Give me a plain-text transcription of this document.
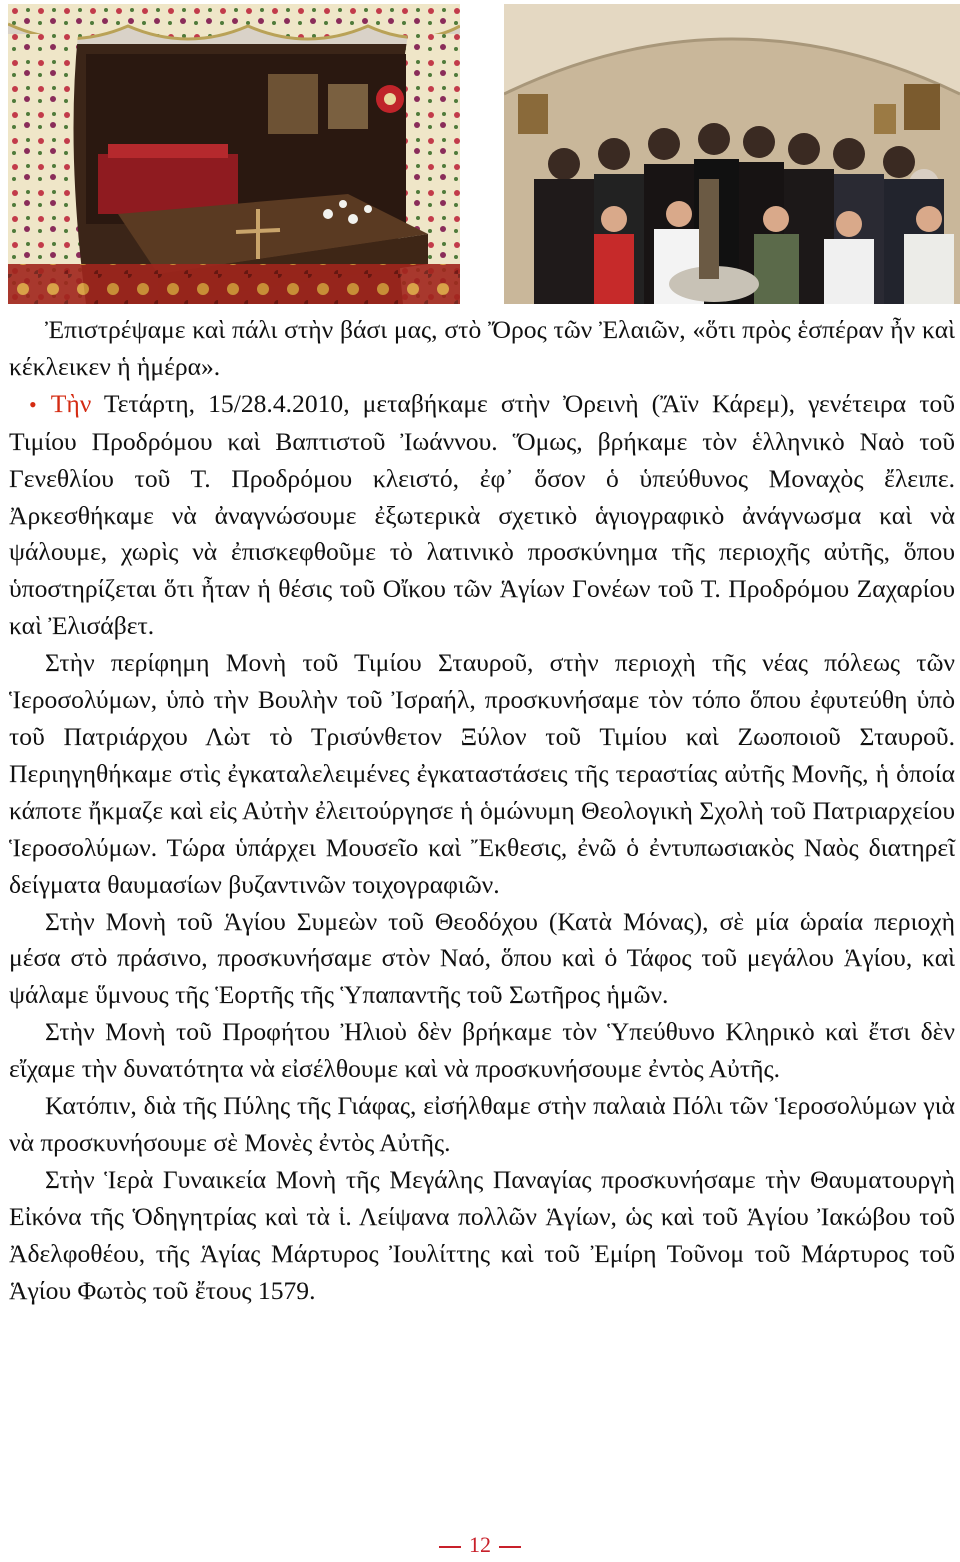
Ἐπιστρέψαμε καὶ πάλι στὴν βάσι μας, στὸ Ὄρος τῶν Ἐλαιῶν, «ὅτι πρὸς ἑσπέραν ἦν καὶ κέκλεικεν ἡ ἡμέρα».

• Τὴν Τετάρτη, 15/28.4.2010, μεταβήκαμε στὴν Ὀρεινὴ (Ἄϊν Κάρεμ), γενέτειρα τοῦ Τιμίου Προδρόμου καὶ Βαπτιστοῦ Ἰωάννου. Ὅμως, βρήκαμε τὸν ἑλληνικὸ Ναὸ τοῦ Γενεθλίου τοῦ Τ. Προδρόμου κλειστό, ἐφ᾽ ὅσον ὁ ὑπεύθυνος Μοναχὸς ἔλειπε. Ἀρκεσθήκαμε νὰ ἀναγνώσουμε ἐξωτερικὰ σχετικὸ ἁγιογραφικὸ ἀνάγνωσμα καὶ νὰ ψάλουμε, χωρὶς νὰ ἐπισκεφθοῦμε τὸ λατινικὸ προσκύνημα τῆς περιοχῆς αὐτῆς, ὅπου ὑποστηρίζεται ὅτι ἦταν ἡ θέσις τοῦ Οἴκου τῶν Ἁγίων Γονέων τοῦ Τ. Προδρόμου Ζαχαρίου καὶ Ἐλισάβετ.

Στὴν περίφημη Μονὴ τοῦ Τιμίου Σταυροῦ, στὴν περιοχὴ τῆς νέας πόλεως τῶν Ἱεροσολύμων, ὑπὸ τὴν Βουλὴν τοῦ Ἰσραήλ, προσκυνήσαμε τὸν τόπο ὅπου ἐφυτεύθη ὑπὸ τοῦ Πατριάρχου Λὼτ τὸ Τρισύνθετον Ξύλον τοῦ Τιμίου καὶ Ζωοποιοῦ Σταυροῦ. Περιηγηθήκαμε στὶς ἐγκαταλελειμένες ἐγκαταστάσεις τῆς τεραστίας αὐτῆς Μονῆς, ἡ ὁποία κάποτε ἤκμαζε καὶ εἰς Αὐτὴν ἐλειτούργησε ἡ ὁμώνυμη Θεολογικὴ Σχολὴ τοῦ Πατριαρχείου Ἱεροσολύμων. Τώρα ὑπάρχει Μουσεῖο καὶ Ἔκθεσις, ἐνῶ ὁ ἐντυπωσιακὸς Ναὸς διατηρεῖ δείγματα θαυμασίων βυζαντινῶν τοιχογραφιῶν.

Στὴν Μονὴ τοῦ Ἁγίου Συμεὼν τοῦ Θεοδόχου (Κατὰ Μόνας), σὲ μία ὡραία περιοχὴ μέσα στὸ πράσινο, προσκυνήσαμε στὸν Ναό, ὅπου καὶ ὁ Τάφος τοῦ μεγάλου Ἁγίου, καὶ ψάλαμε ὕμνους τῆς Ἑορτῆς τῆς Ὑπαπαντῆς τοῦ Σωτῆρος ἡμῶν.

Στὴν Μονὴ τοῦ Προφήτου Ἠλιοὺ δὲν βρήκαμε τὸν Ὑπεύθυνο Κληρικὸ καὶ ἔτσι δὲν εἴχαμε τὴν δυνατότητα νὰ εἰσέλθουμε καὶ νὰ προσκυνήσουμε ἐντὸς Αὐτῆς.

Κατόπιν, διὰ τῆς Πύλης τῆς Γιάφας, εἰσήλθαμε στὴν παλαιὰ Πόλι τῶν Ἱεροσολύμων γιὰ νὰ προσκυνήσουμε σὲ Μονὲς ἐντὸς Αὐτῆς.

Στὴν Ἱερὰ Γυναικεία Μονὴ τῆς Μεγάλης Παναγίας προσκυνήσαμε τὴν Θαυματουργὴ Εἰκόνα τῆς Ὁδηγητρίας καὶ τὰ ἱ. Λείψανα πολλῶν Ἁγίων, ὡς καὶ τοῦ Ἁγίου Ἰακώβου τοῦ Ἀδελφοθέου, τῆς Ἁγίας Μάρτυρος Ἰουλίττης καὶ τοῦ Ἐμίρη Τοῦνομ τοῦ Μάρτυρος τοῦ Ἁγίου Φωτὸς τοῦ ἔτους 1579.

12
